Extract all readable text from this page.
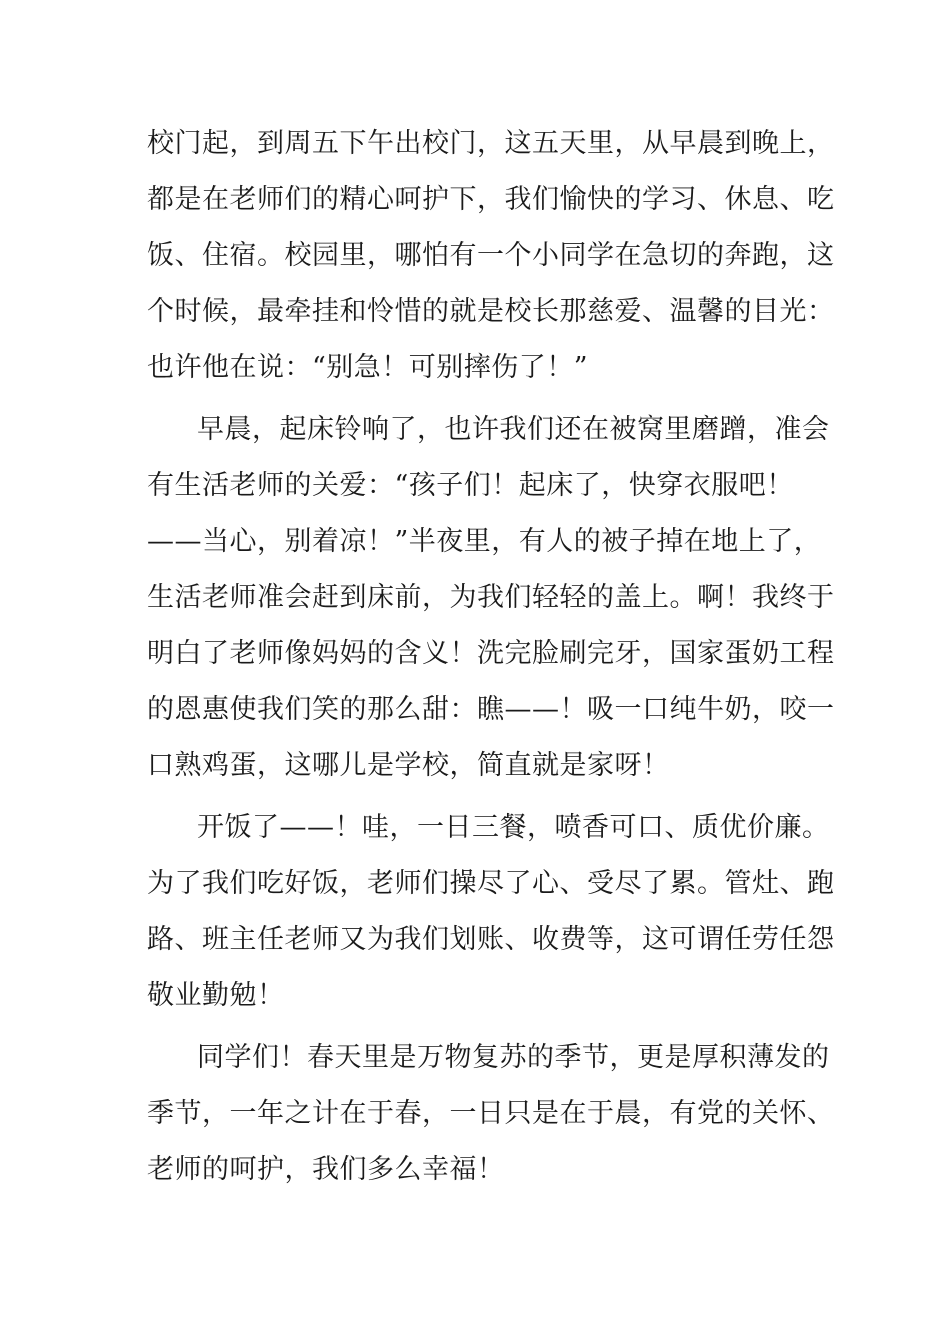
校门起，到周五下午出校门，这五天里，从早晨到晚上，
都是在老师们的精心呵护下，我们愉快的学习、休息、吃
饭、住宿。校园里，哪怕有一个小同学在急切的奔跑，这
个时候，最牵挂和怜惜的就是校长那慈爱、温馨的目光：
也许他在说：“别急！可别摔伤了！”
早晨，起床铃响了，也许我们还在被窝里磨蹭，准会
有生活老师的关爱：“孩子们！起床了，快穿衣服吧！
——当心，别着凉！”半夜里，有人的被子掉在地上了，
生活老师准会赶到床前，为我们轻轻的盖上。啊！我终于
明白了老师像妈妈的含义！洗完脸刷完牙，国家蛋奶工程
的恩惠使我们笑的那么甜：瞧——！吸一口纯牛奶，咬一
口熟鸡蛋，这哪儿是学校，简直就是家呀！
开饭了——！哇，一日三餐，喷香可口、质优价廉。
为了我们吃好饭，老师们操尽了心、受尽了累。管灶、跑
路、班主任老师又为我们划账、收费等，这可谓任劳任怨
敬业勤勉！
同学们！春天里是万物复苏的季节，更是厚积薄发的
季节，一年之计在于春，一日只是在于晨，有党的关怀、
老师的呵护，我们多么幸福！
